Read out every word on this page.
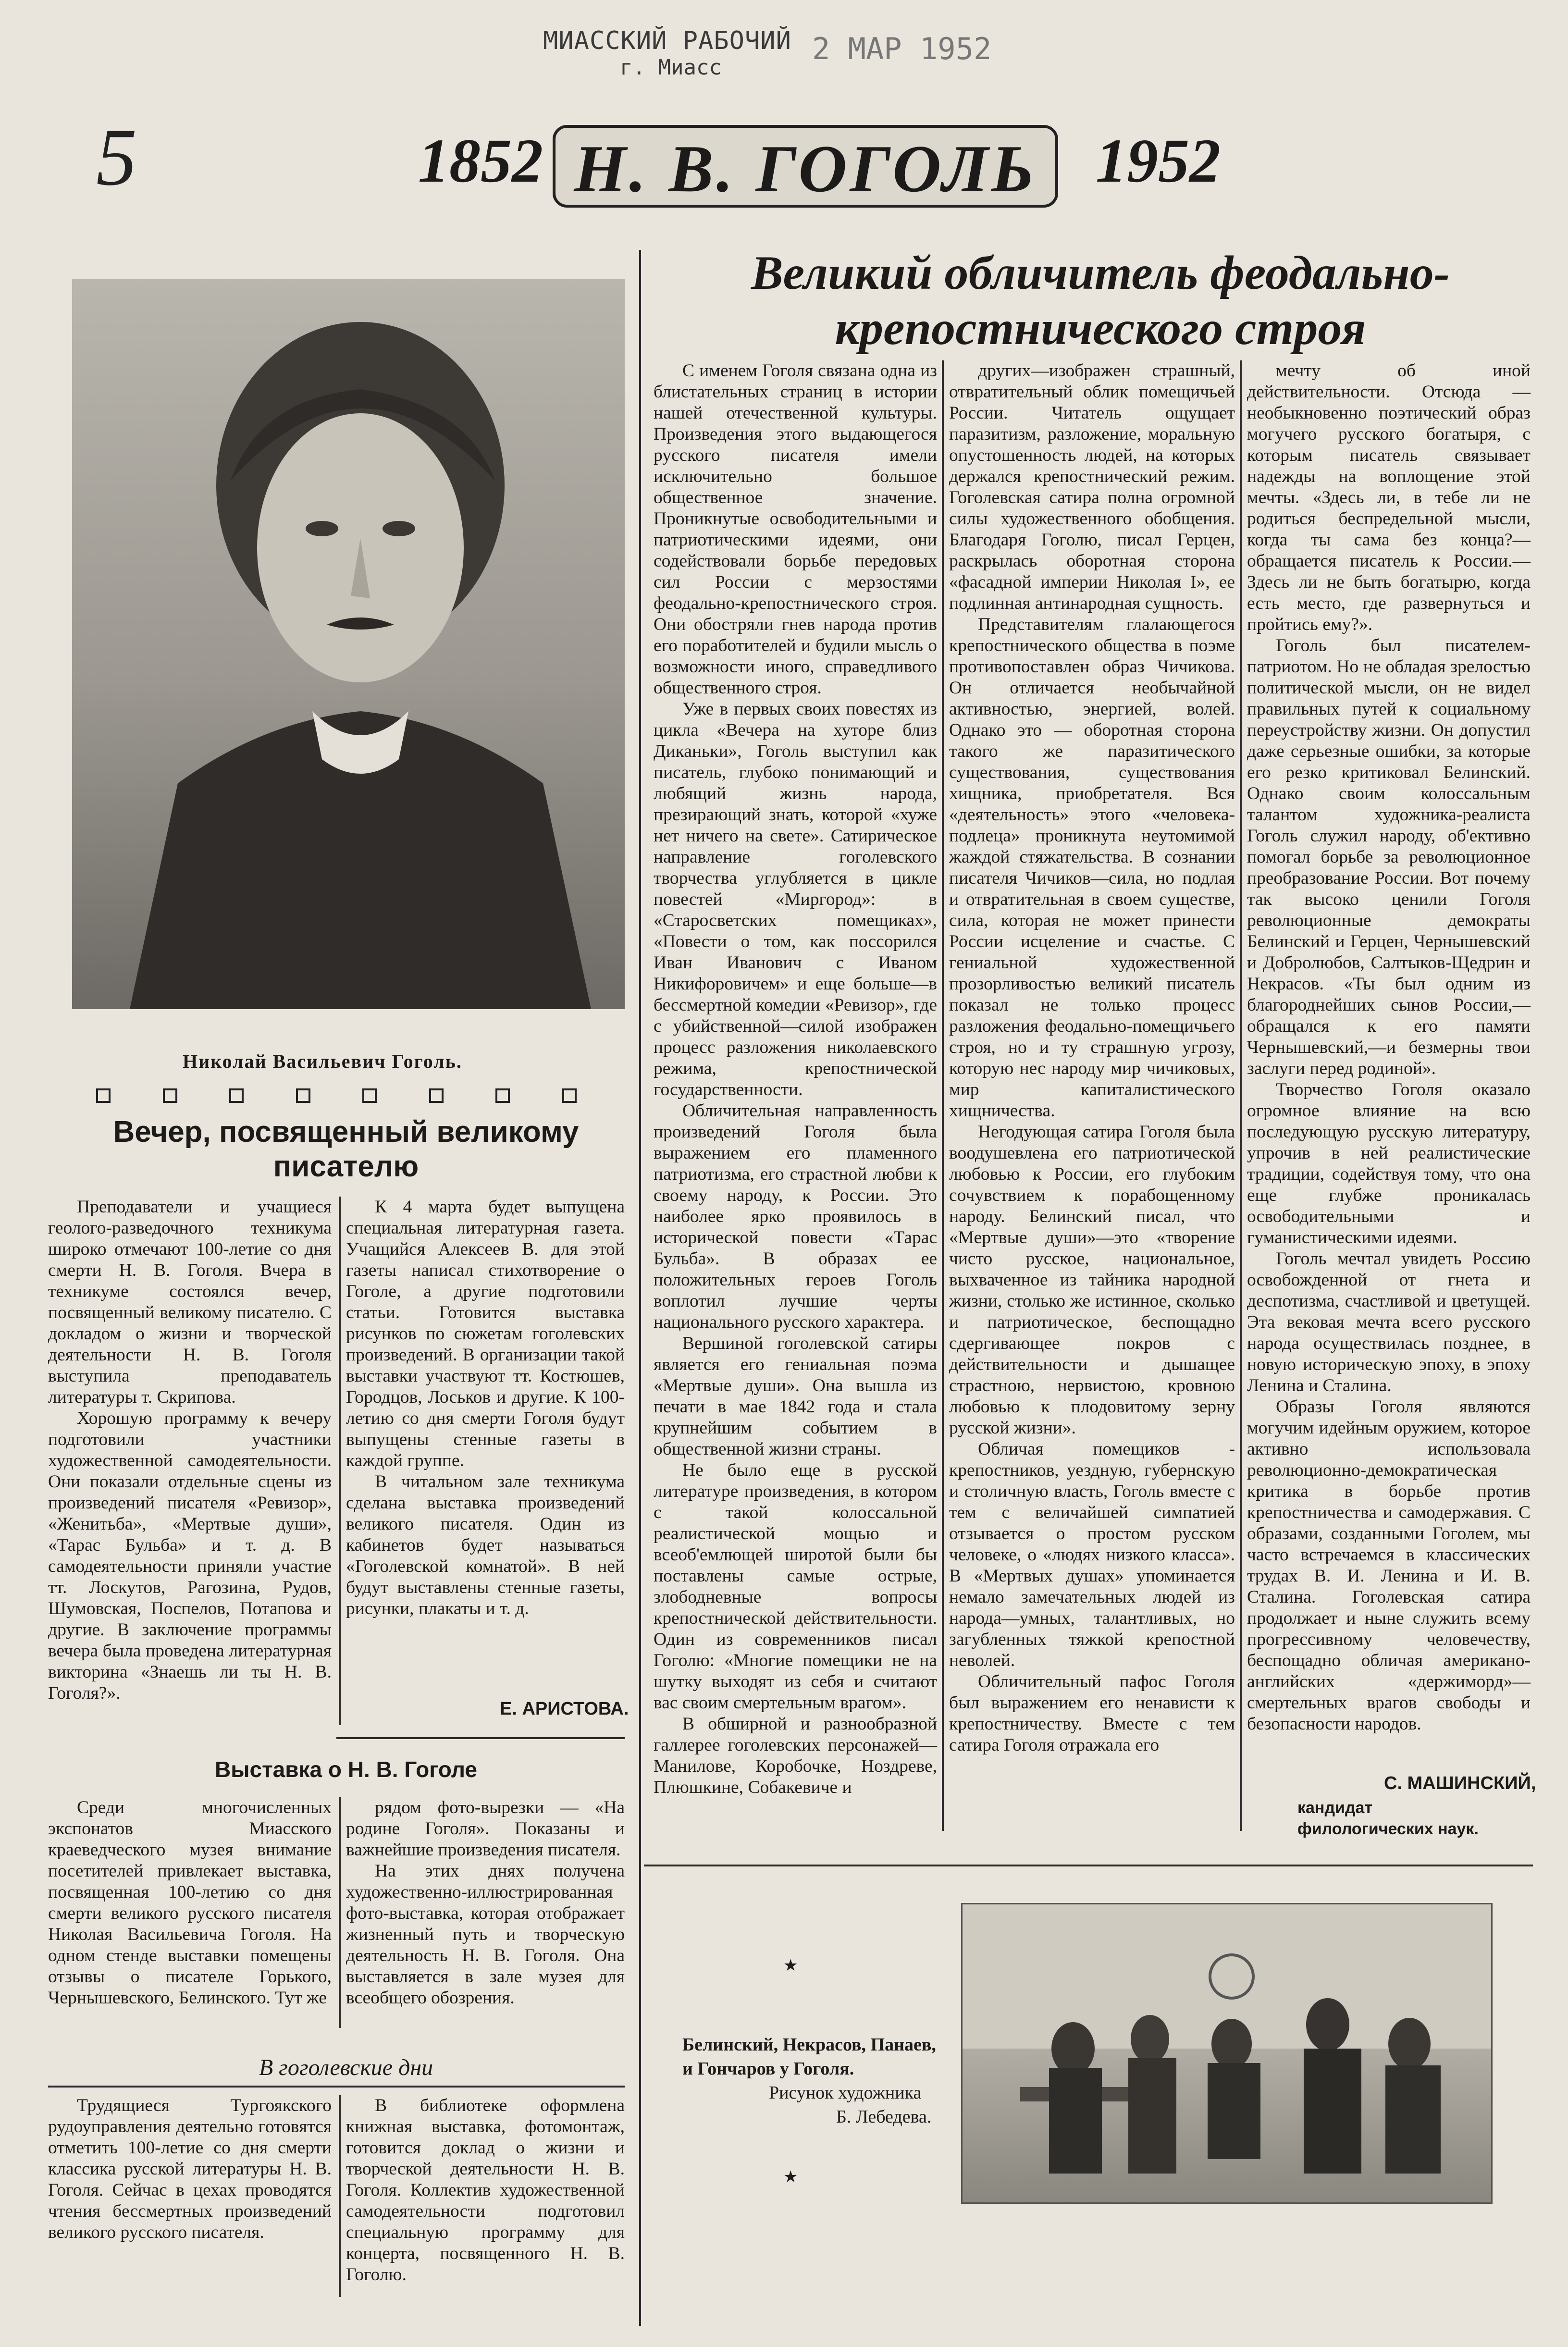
МИАССКИЙ РАБОЧИЙ
г. Миасс
2 МАР 1952
5	1852 Н. В. ГОГОЛЬ 1952
Николай Васильевич Гоголь.
Вечер, посвященный великому писателю

Преподаватели и учащиеся геолого-разведочного техникума широко отмечают 100-летие со дня смерти Н. В. Гоголя. Вчера в техникуме состоялся вечер, посвященный великому писателю. С докладом о жизни и творческой деятельности Н. В. Гоголя выступила преподаватель литературы т. Скрипова.

Хорошую программу к вечеру подготовили участники художественной самодеятельности. Они показали отдельные сцены из произведений писателя «Ревизор», «Женитьба», «Мертвые души», «Тарас Бульба» и т. д. В самодеятельности приняли участие тт. Лоскутов, Рагозина, Рудов, Шумовская, Поспелов, Потапова и другие. В заключение программы вечера была проведена литературная викторина «Знаешь ли ты Н. В. Гоголя?».

К 4 марта будет выпущена специальная литературная газета. Учащийся Алексеев В. для этой газеты написал стихотворение о Гоголе, а другие подготовили статьи. Готовится выставка рисунков по сюжетам гоголевских произведений. В организации такой выставки участвуют тт. Костюшев, Городцов, Лоськов и другие. К 100-летию со дня смерти Гоголя будут выпущены стенные газеты в каждой группе.

В читальном зале техникума сделана выставка произведений великого писателя. Один из кабинетов будет называться «Гоголевской комнатой». В ней будут выставлены стенные газеты, рисунки, плакаты и т. д.

Е. АРИСТОВА.
Выставка о Н. В. Гоголе

Среди многочисленных экспонатов Миасского краеведческого музея внимание посетителей привлекает выставка, посвященная 100-летию со дня смерти великого русского писателя Николая Васильевича Гоголя. На одном стенде выставки помещены отзывы о писателе Горького, Чернышевского, Белинского. Тут же

рядом фото-вырезки — «На родине Гоголя». Показаны и важнейшие произведения писателя.

На этих днях получена художественно-иллюстрированная фото-выставка, которая отображает жизненный путь и творческую деятельность Н. В. Гоголя. Она выставляется в зале музея для всеобщего обозрения.

В гоголевские дни

Трудящиеся Тургоякского рудоуправления деятельно готовятся отметить 100-летие со дня смерти классика русской литературы Н. В. Гоголя. Сейчас в цехах проводятся чтения бессмертных произведений великого русского писателя.

В библиотеке оформлена книжная выставка, фотомонтаж, готовится доклад о жизни и творческой деятельности Н. В. Гоголя. Коллектив художественной самодеятельности подготовил специальную программу для концерта, посвященного Н. В. Гоголю.

Великий обличитель феодально-
крепостнического строя

С именем Гоголя связана одна из блистательных страниц в истории нашей отечественной культуры. Произведения этого выдающегося русского писателя имели исключительно большое общественное значение. Проникнутые освободительными и патриотическими идеями, они содействовали борьбе передовых сил России с мерзостями феодально-крепостнического строя. Они обостряли гнев народа против его поработителей и будили мысль о возможности иного, справедливого общественного строя.

Уже в первых своих повестях из цикла «Вечера на хуторе близ Диканьки», Гоголь выступил как писатель, глубоко понимающий и любящий жизнь народа, презирающий знать, которой «хуже нет ничего на свете». Сатирическое направление гоголевского творчества углубляется в цикле повестей «Миргород»: в «Старосветских помещиках», «Повести о том, как поссорился Иван Иванович с Иваном Никифоровичем» и еще больше—в бессмертной комедии «Ревизор», где с убийственной—силой изображен процесс разложения николаевского режима, крепостнической государственности.

Обличительная направленность произведений Гоголя была выражением его пламенного патриотизма, его страстной любви к своему народу, к России. Это наиболее ярко проявилось в исторической повести «Тарас Бульба». В образах ее положительных героев Гоголь воплотил лучшие черты национального русского характера.

Вершиной гоголевской сатиры является его гениальная поэма «Мертвые души». Она вышла из печати в мае 1842 года и стала крупнейшим событием в общественной жизни страны.

Не было еще в русской литературе произведения, в котором с такой колоссальной реалистической мощью и всеоб'емлющей широтой были бы поставлены самые острые, злободневные вопросы крепостнической действительности. Один из современников писал Гоголю: «Многие помещики не на шутку выходят из себя и считают вас своим смертельным врагом».

В обширной и разнообразной галлерее гоголевских персонажей—Манилове, Коробочке, Ноздреве, Плюшкине, Собакевиче и

других—изображен страшный, отвратительный облик помещичьей России. Читатель ощущает паразитизм, разложение, моральную опустошенность людей, на которых держался крепостнический режим. Гоголевская сатира полна огромной силы художественного обобщения. Благодаря Гоголю, писал Герцен, раскрылась оборотная сторона «фасадной империи Николая I», ее подлинная антинародная сущность.

Представителям глалающегося крепостнического общества в поэме противопоставлен образ Чичикова. Он отличается необычайной активностью, энергией, волей. Однако это — оборотная сторона такого же паразитического существования, существования хищника, приобретателя. Вся «деятельность» этого «человека-подлеца» проникнута неутомимой жаждой стяжательства. В сознании писателя Чичиков—сила, но подлая и отвратительная в своем существе, сила, которая не может принести России исцеление и счастье. С гениальной художественной прозорливостью великий писатель показал не только процесс разложения феодально-помещичьего строя, но и ту страшную угрозу, которую нес народу мир чичиковых, мир капиталистического хищничества.

Негодующая сатира Гоголя была воодушевлена его патриотической любовью к России, его глубоким сочувствием к порабощенному народу. Белинский писал, что «Мертвые души»—это «творение чисто русское, национальное, выхваченное из тайника народной жизни, столько же истинное, сколько и патриотическое, беспощадно сдергивающее покров с действительности и дышащее страстною, нервистою, кровною любовью к плодовитому зерну русской жизни».

Обличая помещиков - крепостников, уездную, губернскую и столичную власть, Гоголь вместе с тем с величайшей симпатией отзывается о простом русском человеке, о «людях низкого класса». В «Мертвых душах» упоминается немало замечательных людей из народа—умных, талантливых, но загубленных тяжкой крепостной неволей.

Обличительный пафос Гоголя был выражением его ненависти к крепостничеству. Вместе с тем сатира Гоголя отражала его

мечту об иной действительности. Отсюда — необыкновенно поэтический образ могучего русского богатыря, с которым писатель связывает надежды на воплощение этой мечты. «Здесь ли, в тебе ли не родиться беспредельной мысли, когда ты сама без конца?—обращается писатель к России.—Здесь ли не быть богатырю, когда есть место, где развернуться и пройтись ему?».

Гоголь был писателем-патриотом. Но не обладая зрелостью политической мысли, он не видел правильных путей к социальному переустройству жизни. Он допустил даже серьезные ошибки, за которые его резко критиковал Белинский. Однако своим колоссальным талантом художника-реалиста Гоголь служил народу, об'ективно помогал борьбе за революционное преобразование России. Вот почему так высоко ценили Гоголя революционные демократы Белинский и Герцен, Чернышевский и Добролюбов, Салтыков-Щедрин и Некрасов. «Ты был одним из благороднейших сынов России,—обращался к его памяти Чернышевский,—и безмерны твои заслуги перед родиной».

Творчество Гоголя оказало огромное влияние на всю последующую русскую литературу, упрочив в ней реалистические традиции, содействуя тому, что она еще глубже проникалась освободительными и гуманистическими идеями.

Гоголь мечтал увидеть Россию освобожденной от гнета и деспотизма, счастливой и цветущей. Эта вековая мечта всего русского народа осуществилась позднее, в новую историческую эпоху, в эпоху Ленина и Сталина.

Образы Гоголя являются могучим идейным оружием, которое активно использовала революционно-демократическая критика в борьбе против крепостничества и самодержавия. С образами, созданными Гоголем, мы часто встречаемся в классических трудах В. И. Ленина и И. В. Сталина. Гоголевская сатира продолжает и ныне служить всему прогрессивному человечеству, беспощадно обличая американо-английских «держиморд»—смертельных врагов свободы и безопасности народов.

С. МАШИНСКИЙ,
кандидат филологических наук.
★
Белинский, Некрасов, Панаев,
и Гончаров у Гоголя.
Рисунок художника
Б. Лебедева.
★
